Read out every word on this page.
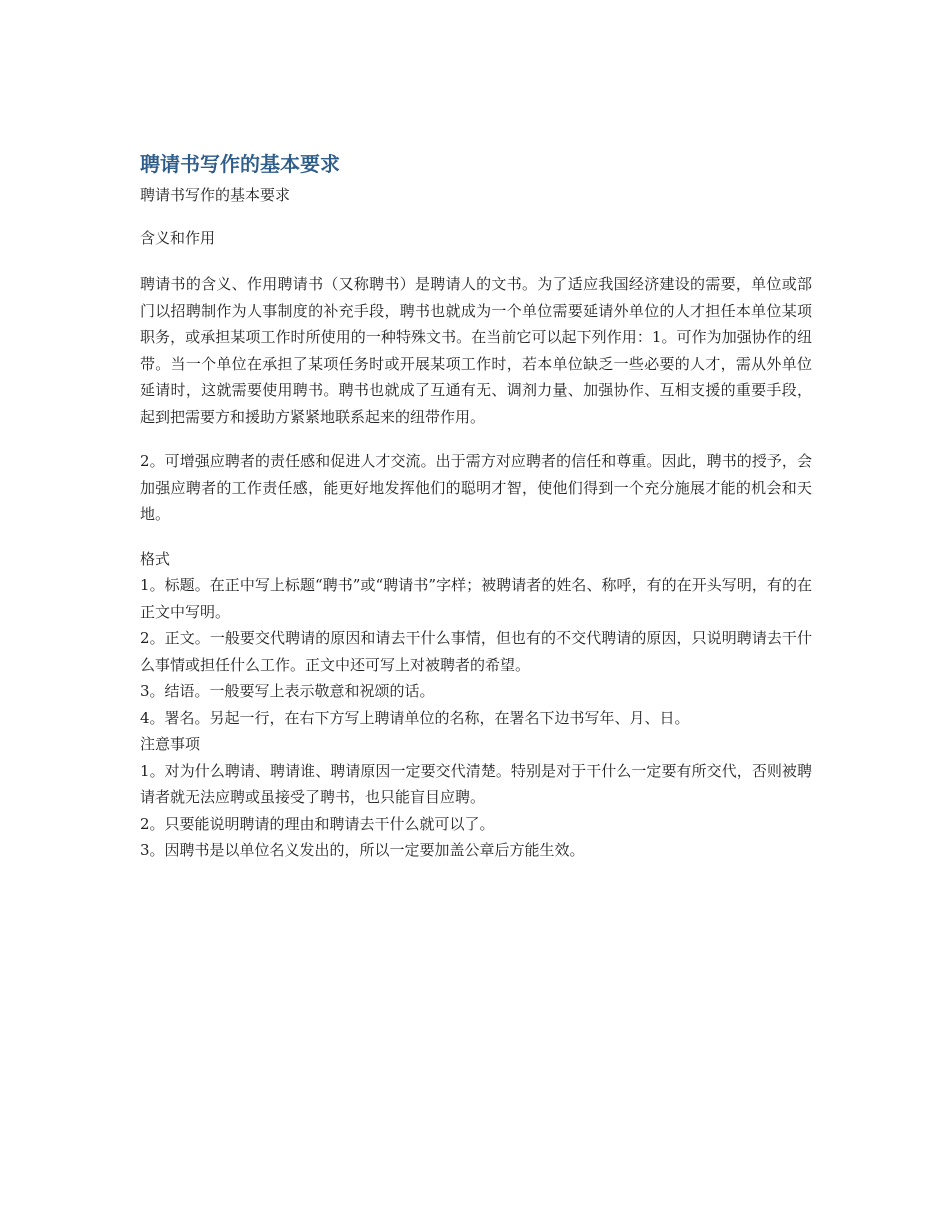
聘请书写作的基本要求

聘请书写作的基本要求

含义和作用

聘请书的含义、作用聘请书（又称聘书）是聘请人的文书。为了适应我国经济建设的需要，单位或部门以招聘制作为人事制度的补充手段，聘书也就成为一个单位需要延请外单位的人才担任本单位某项职务，或承担某项工作时所使用的一种特殊文书。在当前它可以起下列作用：1。可作为加强协作的纽带。当一个单位在承担了某项任务时或开展某项工作时，若本单位缺乏一些必要的人才，需从外单位延请时，这就需要使用聘书。聘书也就成了互通有无、调剂力量、加强协作、互相支援的重要手段，起到把需要方和援助方紧紧地联系起来的纽带作用。

2。可增强应聘者的责任感和促进人才交流。出于需方对应聘者的信任和尊重。因此，聘书的授予，会加强应聘者的工作责任感，能更好地发挥他们的聪明才智，使他们得到一个充分施展才能的机会和天地。

格式

1。标题。在正中写上标题“聘书”或“聘请书”字样；被聘请者的姓名、称呼，有的在开头写明，有的在正文中写明。

2。正文。一般要交代聘请的原因和请去干什么事情，但也有的不交代聘请的原因，只说明聘请去干什么事情或担任什么工作。正文中还可写上对被聘者的希望。

3。结语。一般要写上表示敬意和祝颂的话。

4。署名。另起一行，在右下方写上聘请单位的名称，在署名下边书写年、月、日。

注意事项

1。对为什么聘请、聘请谁、聘请原因一定要交代清楚。特别是对于干什么一定要有所交代，否则被聘请者就无法应聘或虽接受了聘书，也只能盲目应聘。

2。只要能说明聘请的理由和聘请去干什么就可以了。

3。因聘书是以单位名义发出的，所以一定要加盖公章后方能生效。
